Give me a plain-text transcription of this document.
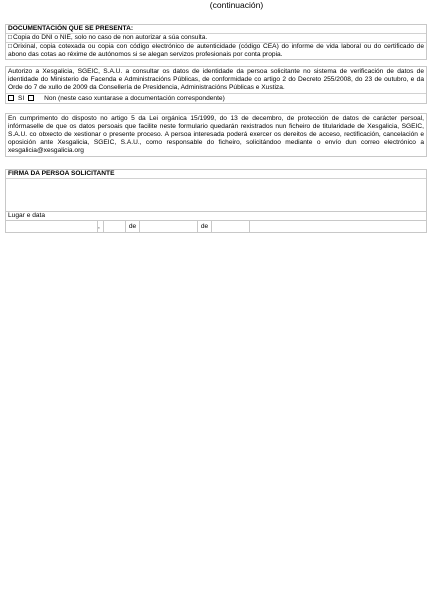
(continuación)
DOCUMENTACIÓN QUE SE PRESENTA:
□Copia do DNI o NIE, solo no caso de non autorizar a súa consulta.
□Orixinal, copia cotexada ou copia con código electrónico de autenticidade (código CEA) do informe de vida laboral ou do certificado de abono das cotas ao réxime de autónomos si se alegan servizos profesionais por conta propia.
Autorizo a Xesgalicia, SGEIC, S.A.U. a consultar os datos de identidade da persoa solicitante no sistema de verificación de datos de identidade do Ministerio de Facenda e Administracións Públicas, de conformidade co artigo 2 do Decreto 255/2008, do 23 de outubro, e da Orde do 7 de xullo de 2009 da Consellería de Presidencia, Administracións Públicas e Xustiza.
SI	Non (neste caso xuntarase a documentación correspondente)
En cumprimento do disposto no artigo 5 da Lei orgánica 15/1999, do 13 de decembro, de protección de datos de carácter persoal, infórmaselle de que os datos persoais que facilite neste formulario quedarán rexistrados nun ficheiro de titularidade de Xesgalicia, SGEIC, S.A.U. co obxecto de xestionar o presente proceso. A persoa interesada poderá exercer os dereitos de acceso, rectificación, cancelación e oposición ante Xesgalicia, SGEIC, S.A.U., como responsable do ficheiro, solicitándoo mediante o envío dun correo electrónico a xesgalicia@xesgalicia.org
FIRMA DA PERSOA SOLICITANTE
Lugar e data
,	de	de
